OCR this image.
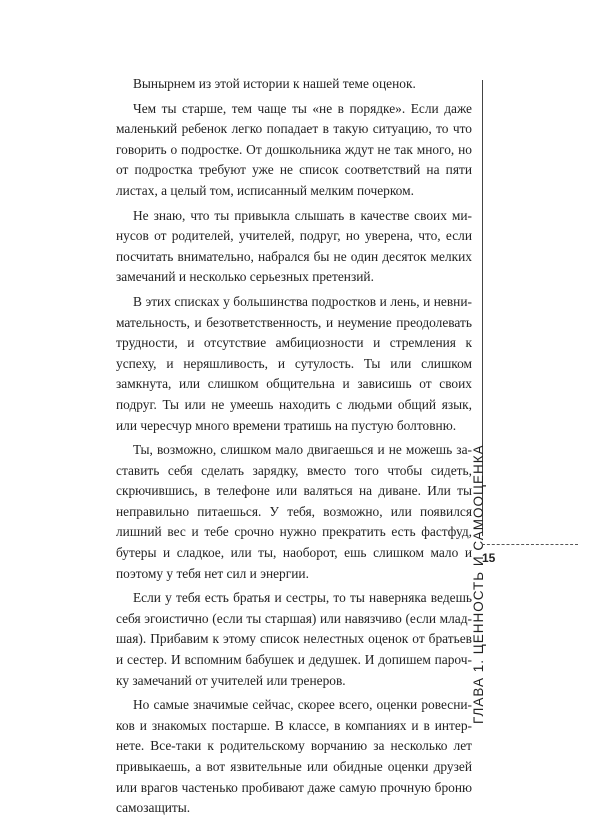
Вынырнем из этой истории к нашей теме оценок.

Чем ты старше, тем чаще ты «не в порядке». Если даже маленький ребенок легко попадает в такую ситуацию, то что говорить о подростке. От дошкольника ждут не так много, но от подростка требуют уже не список соответствий на пяти листах, а целый том, исписанный мелким почерком.

Не знаю, что ты привыкла слышать в качестве своих минусов от родителей, учителей, подруг, но уверена, что, если посчитать внимательно, набрался бы не один десяток мелких замечаний и несколько серьезных претензий.

В этих списках у большинства подростков и лень, и невнимательность, и безответственность, и неумение преодолевать трудности, и отсутствие амбициозности и стремления к успеху, и неряшливость, и сутулость. Ты или слишком замкнута, или слишком общительна и зависишь от своих подруг. Ты или не умеешь находить с людьми общий язык, или чересчур много времени тратишь на пустую болтовню.

Ты, возможно, слишком мало двигаешься и не можешь заставить себя сделать зарядку, вместо того чтобы сидеть, скрючившись, в телефоне или валяться на диване. Или ты неправильно питаешься. У тебя, возможно, или появился лишний вес и тебе срочно нужно прекратить есть фастфуд, бутеры и сладкое, или ты, наоборот, ешь слишком мало и поэтому у тебя нет сил и энергии.

Если у тебя есть братья и сестры, то ты наверняка ведешь себя эгоистично (если ты старшая) или навязчиво (если младшая). Прибавим к этому список нелестных оценок от братьев и сестер. И вспомним бабушек и дедушек. И допишем парочку замечаний от учителей или тренеров.

Но самые значимые сейчас, скорее всего, оценки ровесников и знакомых постарше. В классе, в компаниях и в интернете. Все-таки к родительскому ворчанию за несколько лет привыкаешь, а вот язвительные или обидные оценки друзей или врагов частенько пробивают даже самую прочную броню самозащиты.

ГЛАВА 1. ЦЕННОСТЬ И САМООЦЕНКА
15
